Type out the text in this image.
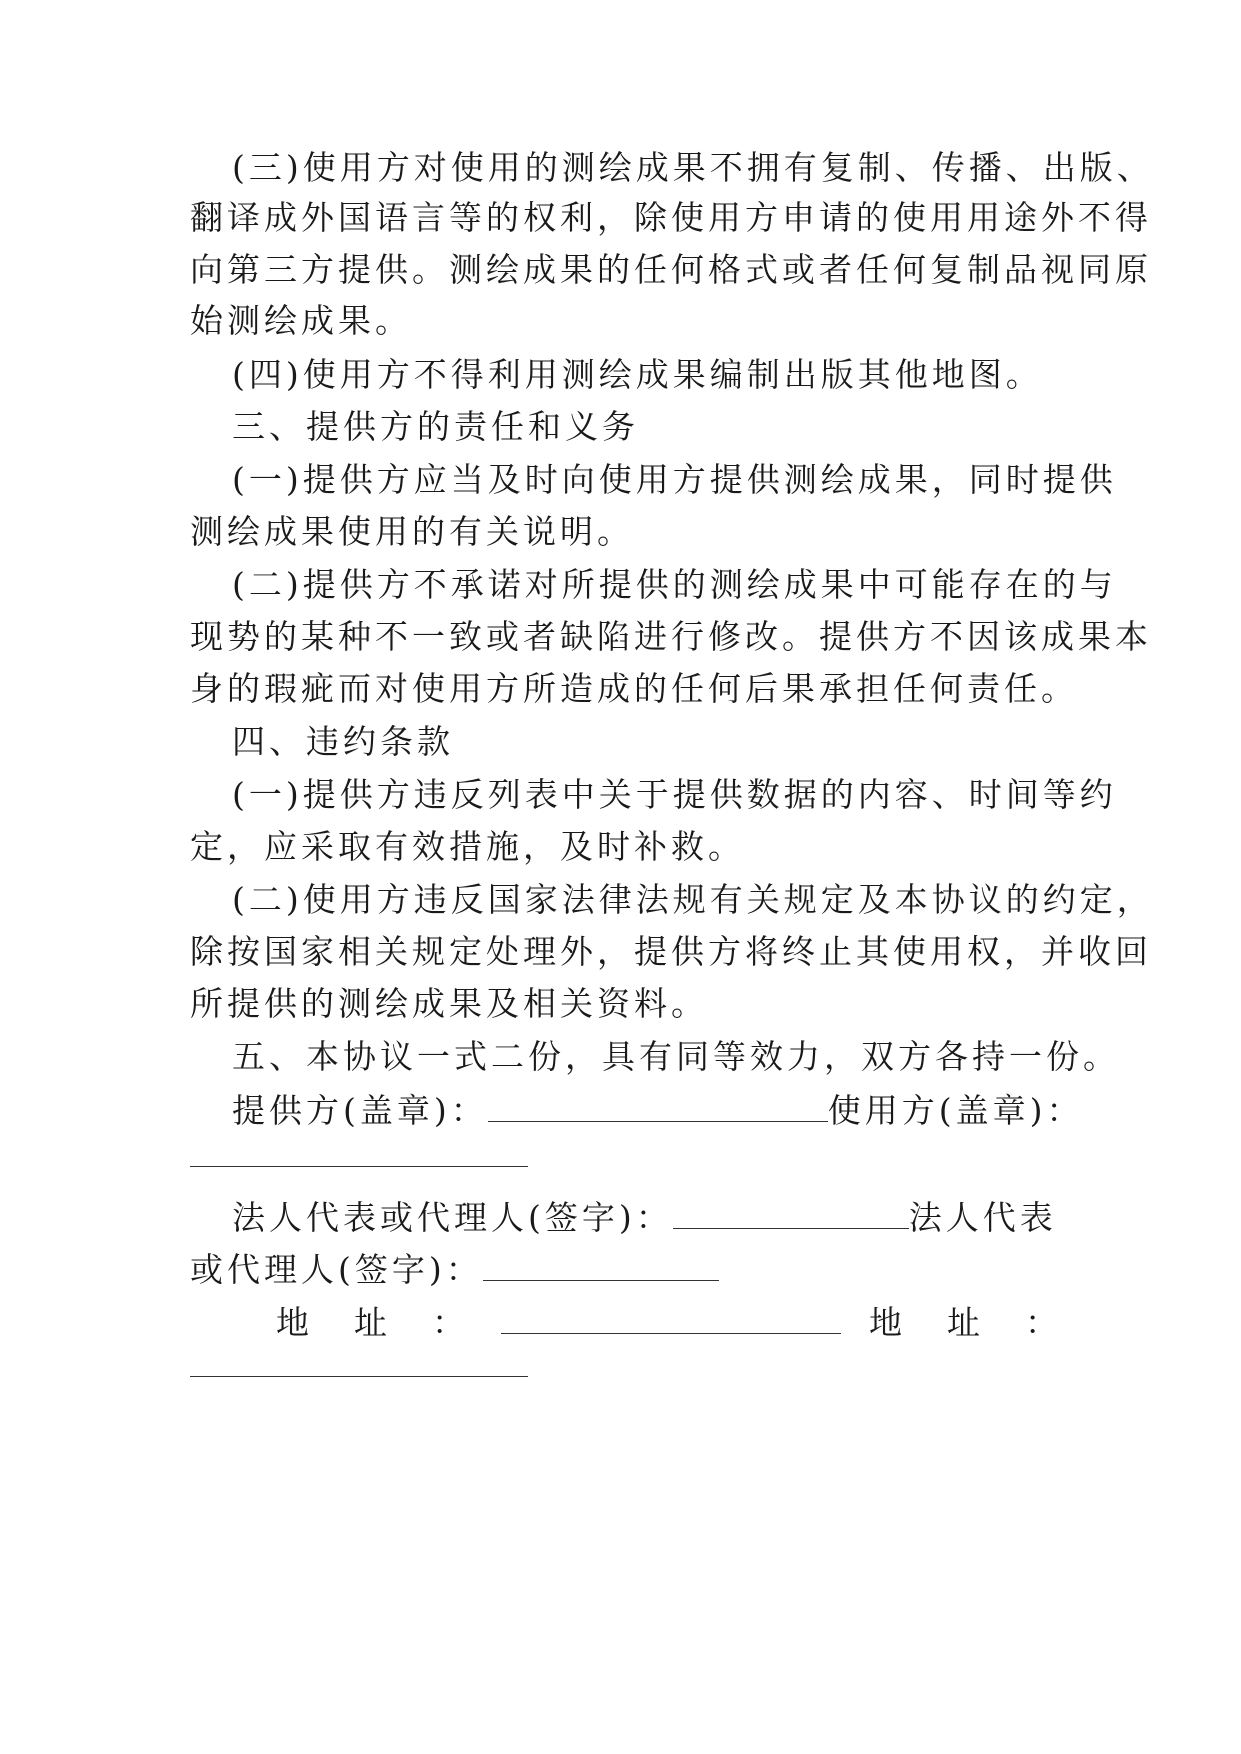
(三)使用方对使用的测绘成果不拥有复制、传播、出版、
翻译成外国语言等的权利，除使用方申请的使用用途外不得
向第三方提供。测绘成果的任何格式或者任何复制品视同原
始测绘成果。
(四)使用方不得利用测绘成果编制出版其他地图。
三、提供方的责任和义务
(一)提供方应当及时向使用方提供测绘成果，同时提供
测绘成果使用的有关说明。
(二)提供方不承诺对所提供的测绘成果中可能存在的与
现势的某种不一致或者缺陷进行修改。提供方不因该成果本
身的瑕疵而对使用方所造成的任何后果承担任何责任。
四、违约条款
(一)提供方违反列表中关于提供数据的内容、时间等约
定，应采取有效措施，及时补救。
(二)使用方违反国家法律法规有关规定及本协议的约定，
除按国家相关规定处理外，提供方将终止其使用权，并收回
所提供的测绘成果及相关资料。
五、本协议一式二份，具有同等效力，双方各持一份。
提供方(盖章)：	使用方(盖章)：
法人代表或代理人(签字)：	法人代表
或代理人(签字)：
地　址　：	地　址　：
